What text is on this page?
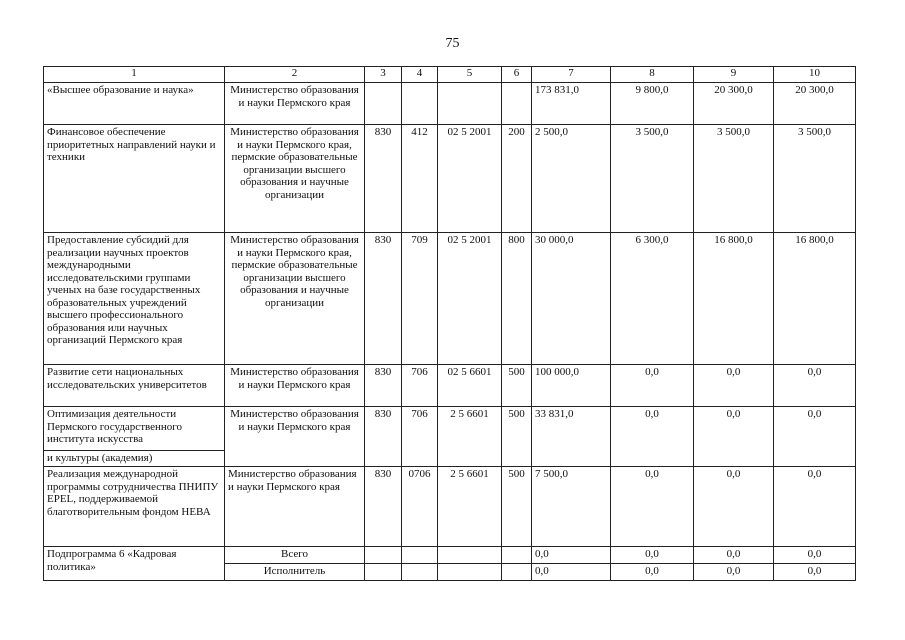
75
1	2	3	4	5	6	7	8	9	10
«Высшее образование и наука»	Министерство образования и науки Пермского края					173 831,0	9 800,0	20 300,0	20 300,0
Финансовое обеспечение приоритетных направлений науки и техники	Министерство образования и науки Пермского края, пермские образовательные организации высшего образования и научные организации	830	412	02 5 2001	200	2 500,0	3 500,0	3 500,0	3 500,0
Предоставление субсидий для реализации научных проектов международными исследовательскими группами ученых на базе государственных образовательных учреждений высшего профессионального образования или научных организаций Пермского края	Министерство образования и науки Пермского края, пермские образовательные организации высшего образования и научные организации	830	709	02 5 2001	800	30 000,0	6 300,0	16 800,0	16 800,0
Развитие сети национальных исследовательских университетов	Министерство образования и науки Пермского края	830	706	02 5 6601	500	100 000,0	0,0	0,0	0,0
Оптимизация деятельности Пермского государственного института искусства	Министерство образования и науки Пермского края	830	706	2 5 6601	500	33 831,0	0,0	0,0	0,0
и культуры (академия)									
Реализация международной программы сотрудничества ПНИПУ EPEL, поддерживаемой благотворительным фондом НЕВА	Министерство образования и науки Пермского края	830	0706	2 5 6601	500	7 500,0	0,0	0,0	0,0
Подпрограмма 6 «Кадровая политика»	Всего					0,0	0,0	0,0	0,0
	Исполнитель					0,0	0,0	0,0	0,0
